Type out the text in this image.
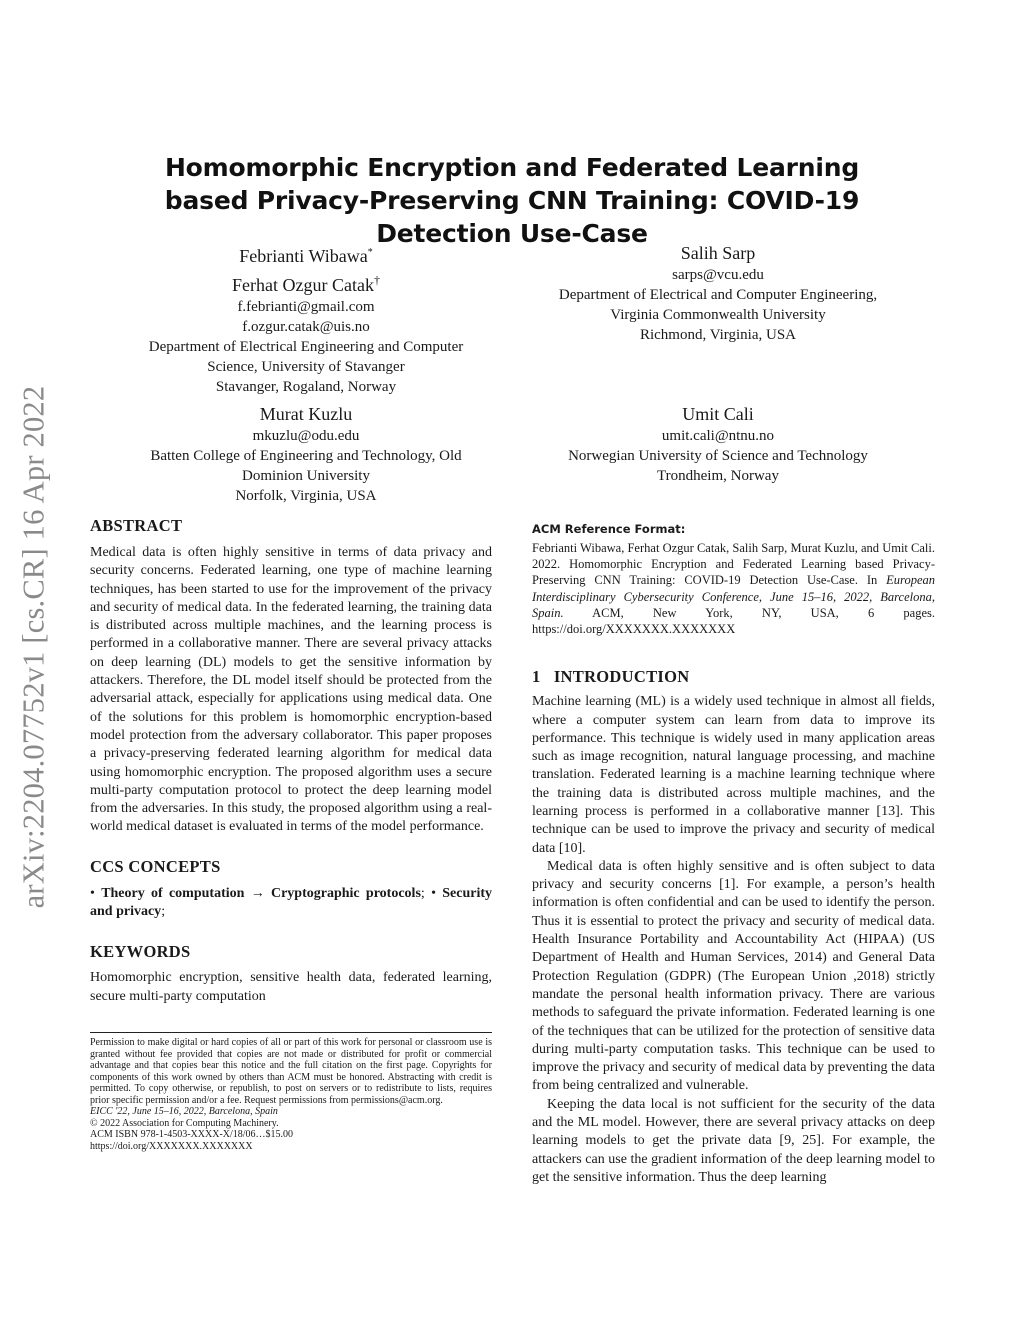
arXiv:2204.07752v1 [cs.CR] 16 Apr 2022
Homomorphic Encryption and Federated Learning based Privacy-Preserving CNN Training: COVID-19 Detection Use-Case
Febrianti Wibawa*
Ferhat Ozgur Catak†
f.febrianti@gmail.com
f.ozgur.catak@uis.no
Department of Electrical Engineering and Computer
Science, University of Stavanger
Stavanger, Rogaland, Norway
Salih Sarp
sarps@vcu.edu
Department of Electrical and Computer Engineering,
Virginia Commonwealth University
Richmond, Virginia, USA
Murat Kuzlu
mkuzlu@odu.edu
Batten College of Engineering and Technology, Old
Dominion University
Norfolk, Virginia, USA
Umit Cali
umit.cali@ntnu.no
Norwegian University of Science and Technology
Trondheim, Norway
ABSTRACT

Medical data is often highly sensitive in terms of data privacy and security concerns. Federated learning, one type of machine learning techniques, has been started to use for the improvement of the privacy and security of medical data. In the federated learning, the training data is distributed across multiple machines, and the learning process is performed in a collaborative manner. There are several privacy attacks on deep learning (DL) models to get the sensitive information by attackers. Therefore, the DL model itself should be protected from the adversarial attack, especially for applications using medical data. One of the solutions for this problem is homomorphic encryption-based model protection from the adversary collaborator. This paper proposes a privacy-preserving federated learning algorithm for medical data using homomorphic encryption. The proposed algorithm uses a secure multi-party computation protocol to protect the deep learning model from the adversaries. In this study, the proposed algorithm using a real-world medical dataset is evaluated in terms of the model performance.

CCS CONCEPTS

• Theory of computation → Cryptographic protocols; • Security and privacy;

KEYWORDS

Homomorphic encryption, sensitive health data, federated learning, secure multi-party computation

Permission to make digital or hard copies of all or part of this work for personal or classroom use is granted without fee provided that copies are not made or distributed for profit or commercial advantage and that copies bear this notice and the full citation on the first page. Copyrights for components of this work owned by others than ACM must be honored. Abstracting with credit is permitted. To copy otherwise, or republish, to post on servers or to redistribute to lists, requires prior specific permission and/or a fee. Request permissions from permissions@acm.org.
EICC '22, June 15–16, 2022, Barcelona, Spain
© 2022 Association for Computing Machinery.
ACM ISBN 978-1-4503-XXXX-X/18/06…$15.00
https://doi.org/XXXXXXX.XXXXXXX

ACM Reference Format:

Febrianti Wibawa, Ferhat Ozgur Catak, Salih Sarp, Murat Kuzlu, and Umit Cali. 2022. Homomorphic Encryption and Federated Learning based Privacy-Preserving CNN Training: COVID-19 Detection Use-Case. In European Interdisciplinary Cybersecurity Conference, June 15–16, 2022, Barcelona, Spain. ACM, New York, NY, USA, 6 pages. https://doi.org/XXXXXXX.XXXXXXX

1   INTRODUCTION

Machine learning (ML) is a widely used technique in almost all fields, where a computer system can learn from data to improve its performance. This technique is widely used in many application areas such as image recognition, natural language processing, and machine translation. Federated learning is a machine learning technique where the training data is distributed across multiple machines, and the learning process is performed in a collaborative manner [13]. This technique can be used to improve the privacy and security of medical data [10].

Medical data is often highly sensitive and is often subject to data privacy and security concerns [1]. For example, a person’s health information is often confidential and can be used to identify the person. Thus it is essential to protect the privacy and security of medical data. Health Insurance Portability and Accountability Act (HIPAA) (US Department of Health and Human Services, 2014) and General Data Protection Regulation (GDPR) (The European Union ,2018) strictly mandate the personal health information privacy. There are various methods to safeguard the private information. Federated learning is one of the techniques that can be utilized for the protection of sensitive data during multi-party computation tasks. This technique can be used to improve the privacy and security of medical data by preventing the data from being centralized and vulnerable.

Keeping the data local is not sufficient for the security of the data and the ML model. However, there are several privacy attacks on deep learning models to get the private data [9, 25]. For example, the attackers can use the gradient information of the deep learning model to get the sensitive information. Thus the deep learning
